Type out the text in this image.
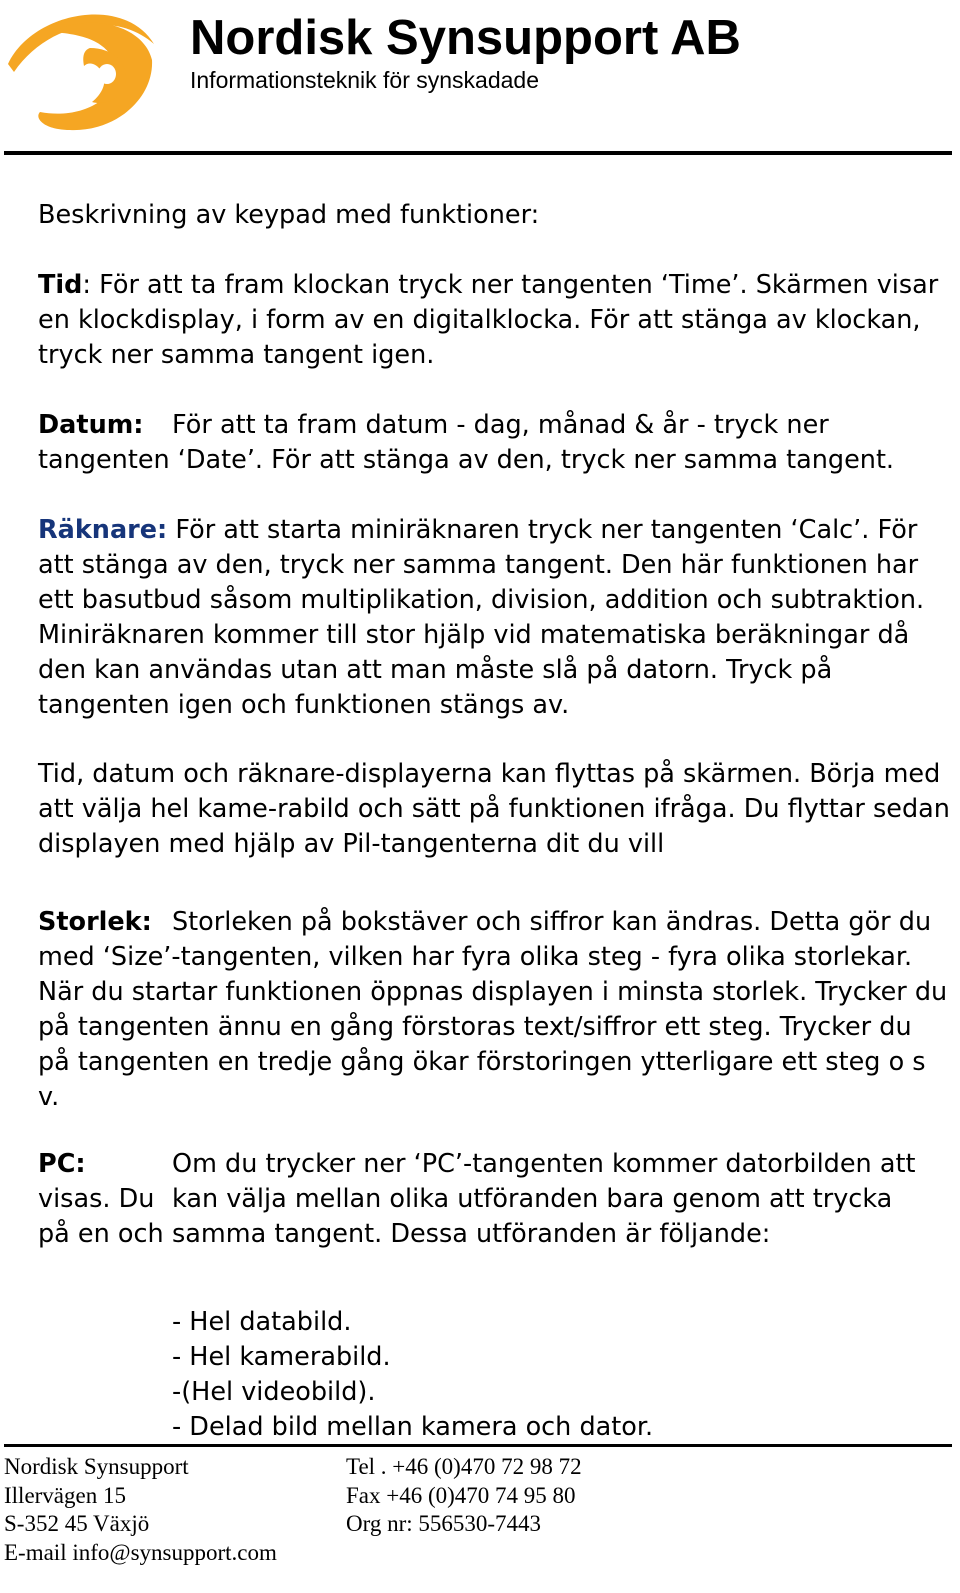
Nordisk Synsupport AB

Informationsteknik för synskadade

Beskrivning av keypad med funktioner:

Tid: För att ta fram klockan tryck ner tangenten ‘Time’. Skärmen visar en klockdisplay, i form av en digitalklocka. För att stänga av klockan, tryck ner samma tangent igen.

Datum: För att ta fram datum - dag, månad & år - tryck ner tangenten ‘Date’. För att stänga av den, tryck ner samma tangent.

Räknare: För att starta miniräknaren tryck ner tangenten ‘Calc’. För att stänga av den, tryck ner samma tangent. Den här funktionen har ett basutbud såsom multiplikation, division, addition och subtraktion. Miniräknaren kommer till stor hjälp vid matematiska beräkningar då den kan användas utan att man måste slå på datorn. Tryck på tangenten igen och funktionen stängs av.

Tid, datum och räknare-displayerna kan flyttas på skärmen. Börja med att välja hel kame-rabild och sätt på funktionen ifråga. Du flyttar sedan displayen med hjälp av Pil-tangenterna dit du vill

Storlek: Storleken på bokstäver och siffror kan ändras. Detta gör du med ‘Size’-tangenten, vilken har fyra olika steg - fyra olika storlekar. När du startar funktionen öppnas displayen i minsta storlek. Trycker du på tangenten ännu en gång förstoras text/siffror ett steg. Trycker du på tangenten en tredje gång ökar förstoringen ytterligare ett steg o s v.

PC:	Om du trycker ner ‘PC’-tangenten kommer datorbilden att
visas. Du kan välja mellan olika utföranden bara genom att trycka
på en och samma tangent. Dessa utföranden är följande:
- Hel databild.
- Hel kamerabild.
-(Hel videobild).
- Delad bild mellan kamera och dator.
Nordisk Synsupport
Illervägen 15
S-352 45 Växjö
E-mail info@synsupport.com
Tel . +46 (0)470 72 98 72
Fax +46 (0)470 74 95 80
Org nr: 556530-7443
